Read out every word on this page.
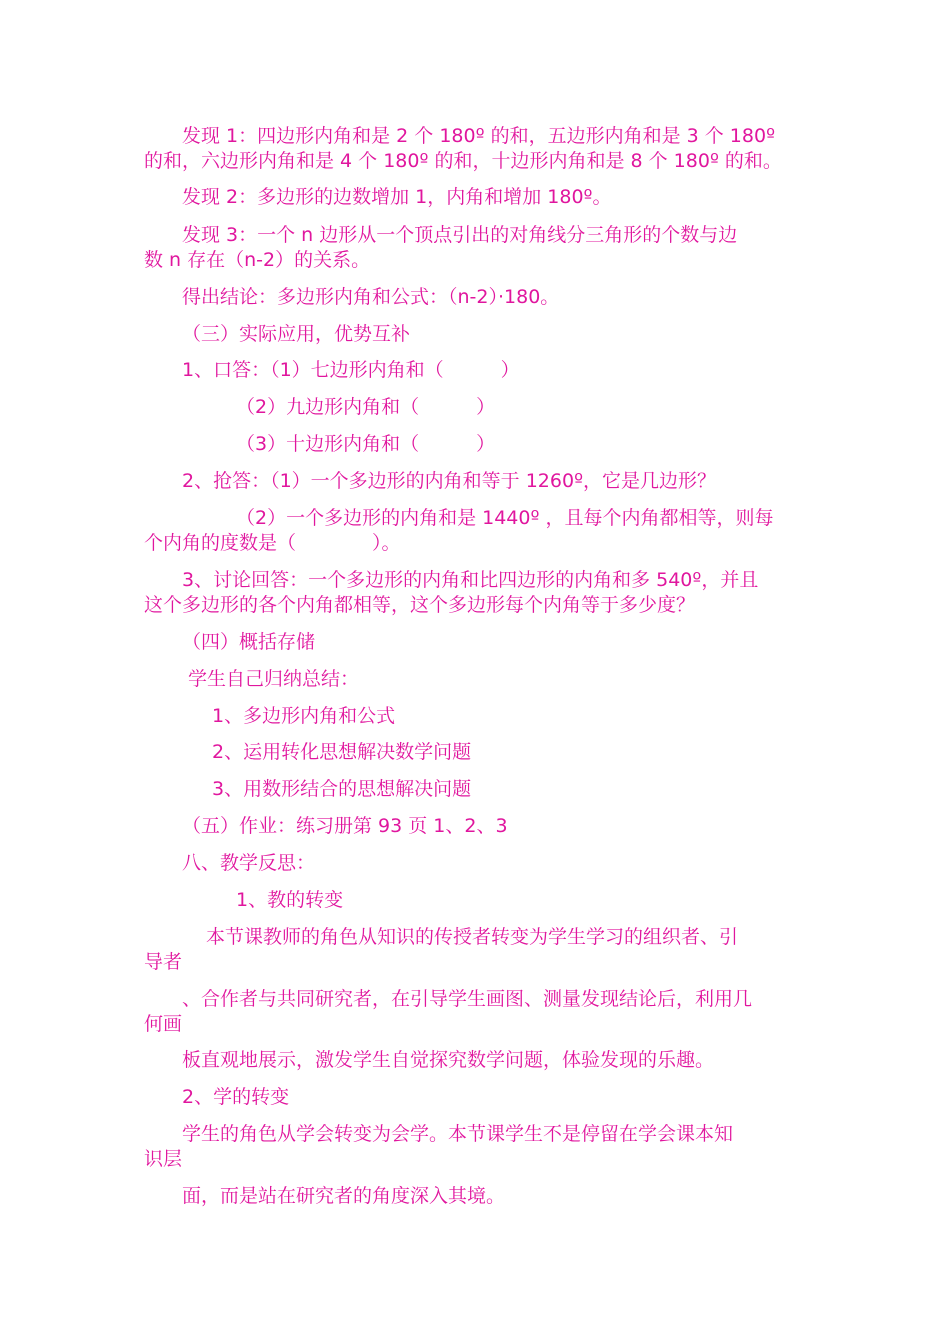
发现 1：四边形内角和是 2 个 180º 的和，五边形内角和是 3 个 180º

的和，六边形内角和是 4 个 180º 的和，十边形内角和是 8 个 180º 的和。

发现 2：多边形的边数增加 1，内角和增加 180º。

发现 3：一个 n 边形从一个顶点引出的对角线分三角形的个数与边

数 n 存在（n-2）的关系。

得出结论：多边形内角和公式：（n-2）·180。

（三）实际应用，优势互补

1、口答：（1）七边形内角和（　　　）

（2）九边形内角和（　　　）

（3）十边形内角和（　　　）

2、抢答：（1）一个多边形的内角和等于 1260º，它是几边形？

（2）一个多边形的内角和是 1440º ，且每个内角都相等，则每

个内角的度数是（　　　　）。

3、讨论回答：一个多边形的内角和比四边形的内角和多 540º，并且

这个多边形的各个内角都相等，这个多边形每个内角等于多少度？

（四）概括存储

学生自己归纳总结：

1、多边形内角和公式

2、运用转化思想解决数学问题

3、用数形结合的思想解决问题

（五）作业：练习册第 93 页 1、2、3

八、教学反思：

1、教的转变

本节课教师的角色从知识的传授者转变为学生学习的组织者、引

导者

、合作者与共同研究者，在引导学生画图、测量发现结论后，利用几

何画

板直观地展示，激发学生自觉探究数学问题，体验发现的乐趣。

2、学的转变

学生的角色从学会转变为会学。本节课学生不是停留在学会课本知

识层

面，而是站在研究者的角度深入其境。
